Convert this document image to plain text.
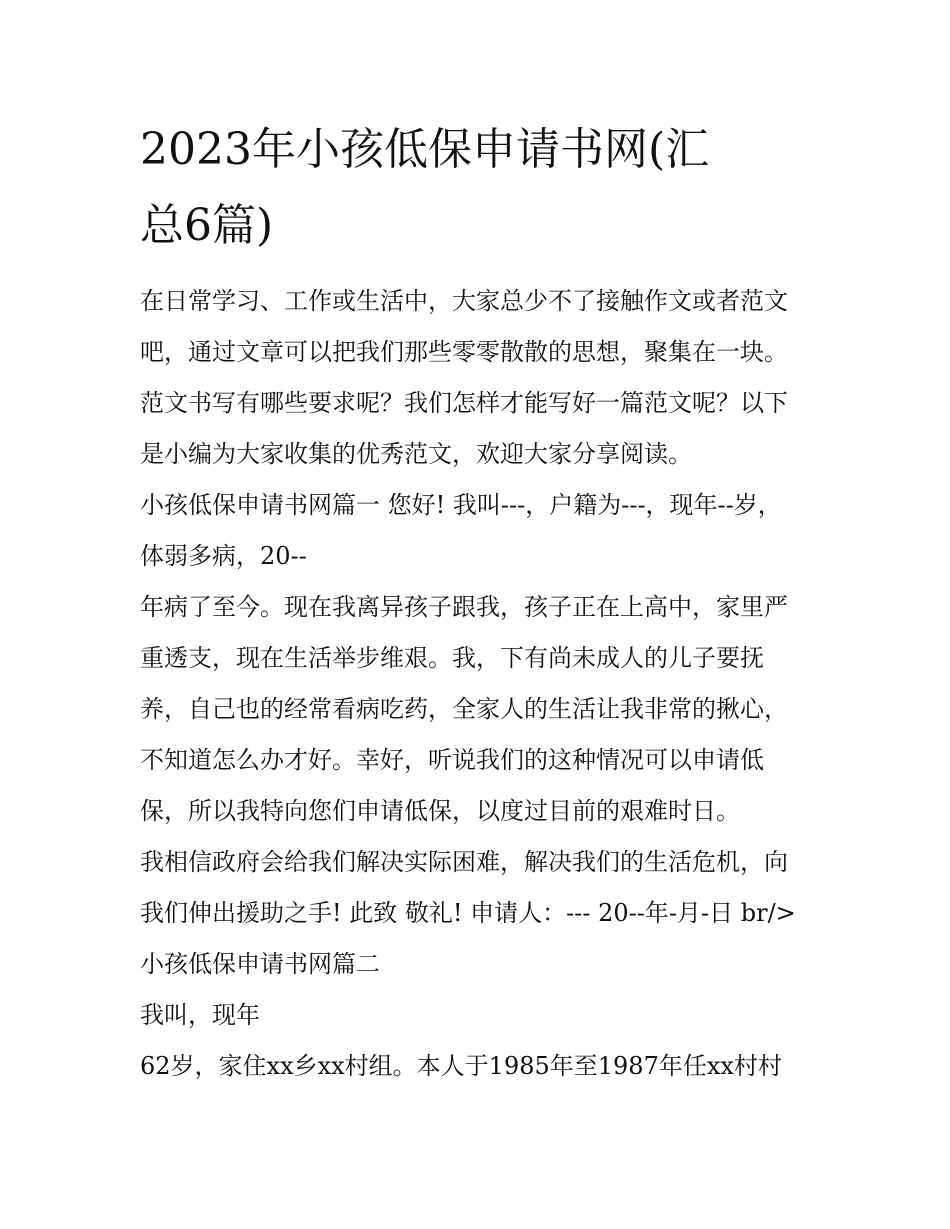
2023年小孩低保申请书网(汇
总6篇)
在日常学习、工作或生活中，大家总少不了接触作文或者范文
吧，通过文章可以把我们那些零零散散的思想，聚集在一块。
范文书写有哪些要求呢？我们怎样才能写好一篇范文呢？以下
是小编为大家收集的优秀范文，欢迎大家分享阅读。
小孩低保申请书网篇一 您好! 我叫---，户籍为---，现年--岁，
体弱多病，20--
年病了至今。现在我离异孩子跟我，孩子正在上高中，家里严
重透支，现在生活举步维艰。我，下有尚未成人的儿子要抚
养，自己也的经常看病吃药，全家人的生活让我非常的揪心，
不知道怎么办才好。幸好，听说我们的这种情况可以申请低
保，所以我特向您们申请低保，以度过目前的艰难时日。
我相信政府会给我们解决实际困难，解决我们的生活危机，向
我们伸出援助之手! 此致 敬礼! 申请人：--- 20--年-月-日 br/>
小孩低保申请书网篇二
我叫，现年
62岁，家住xx乡xx村组。本人于1985年至1987年任xx村村
